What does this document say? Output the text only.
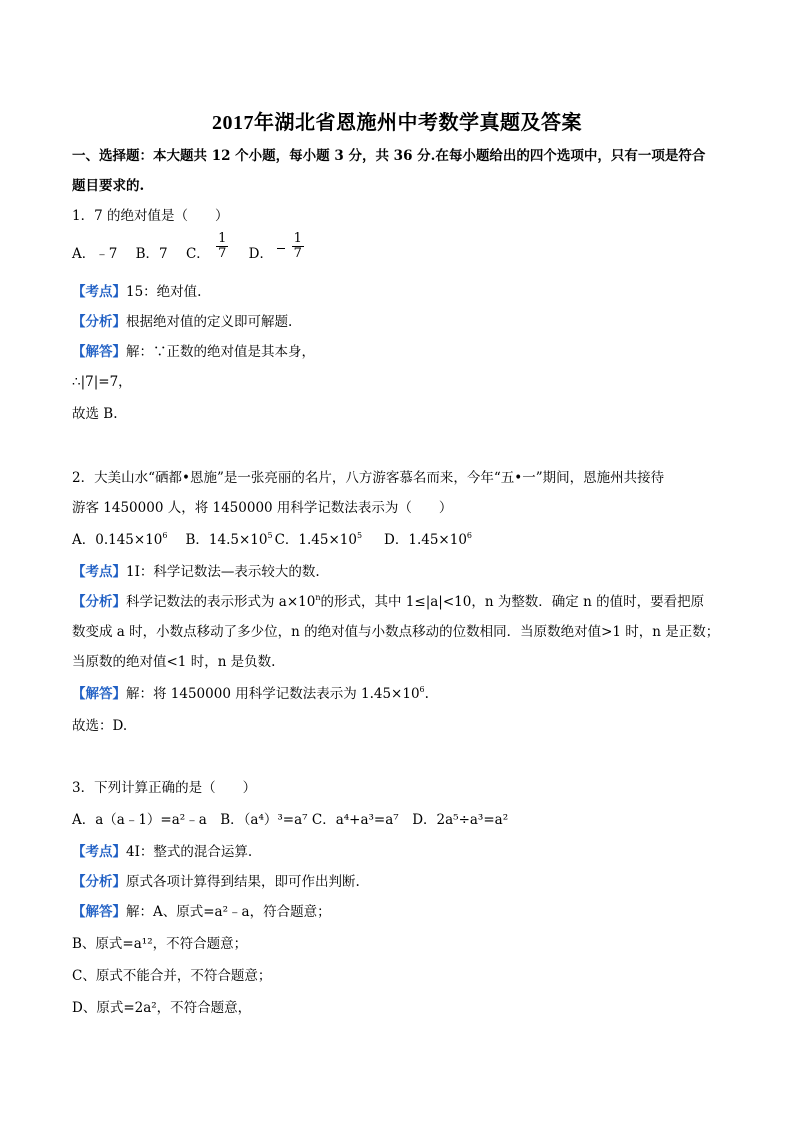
2017年湖北省恩施州中考数学真题及答案
一、选择题：本大题共 12 个小题，每小题 3 分，共 36 分.在每小题给出的四个选项中，只有一项是符合
题目要求的.
1．7 的绝对值是（　　）
A．﹣7 B．7 C． $\frac{1}{7}$ D． $\frac{1}{7}$
【考点】15：绝对值.
【分析】根据绝对值的定义即可解题.
【解答】解：∵正数的绝对值是其本身，
∴|7|=7，
故选 B.
2．大美山水“硒都•恩施”是一张亮丽的名片，八方游客慕名而来，今年“五•一”期间，恩施州共接待
游客 1450000 人，将 1450000 用科学记数法表示为（　　）
A．$0.145\times 10^6$ B．$14.5\times 10^5$ C．$1.45\times 10^5$ D．$1.45\times 10^6$
【考点】1I：科学记数法—表示较大的数.
【分析】科学记数法的表示形式为 $a\times 10^n$的形式，其中 1≤|a|<10，n 为整数．确定 n 的值时，要看把原
数变成 a 时，小数点移动了多少位，n 的绝对值与小数点移动的位数相同．当原数绝对值>1 时，n 是正数；
当原数的绝对值<1 时，n 是负数.
【解答】解：将 1450000 用科学记数法表示为 $1.45\times 10^6$.
故选：D.
3．下列计算正确的是（　　）
A．a（a﹣1）=a²﹣a　B．（a⁴）³=a⁷ C．a⁴+a³=a⁷　D．2a⁵÷a³=a²
【考点】4I：整式的混合运算.
【分析】原式各项计算得到结果，即可作出判断.
【解答】解：A、原式=a²﹣a，符合题意；
B、原式=a¹²，不符合题意；
C、原式不能合并，不符合题意；
D、原式=2a²，不符合题意，
